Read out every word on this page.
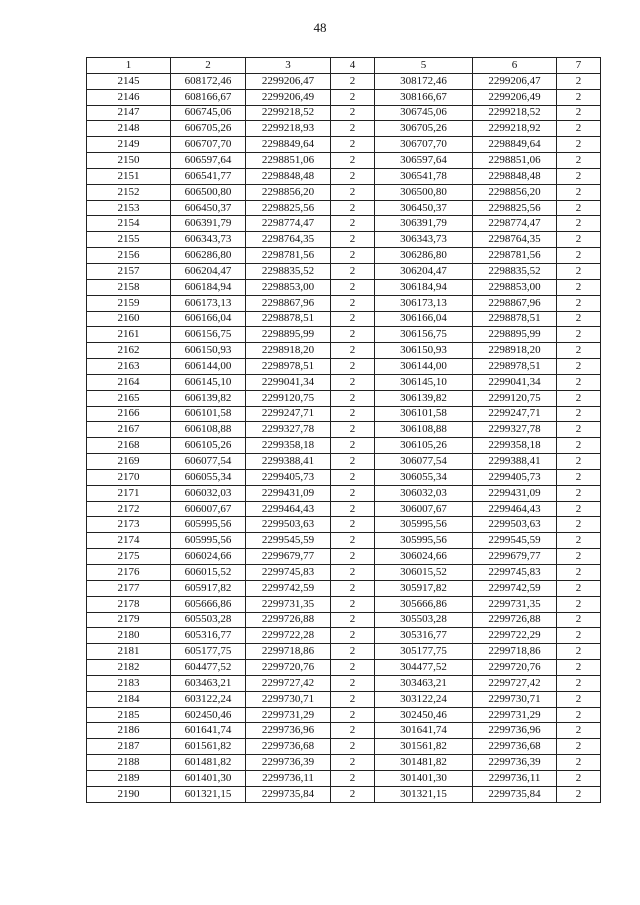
48
1	2	3	4	5	6	7
2145	608172,46	2299206,47	2	308172,46	2299206,47	2
2146	608166,67	2299206,49	2	308166,67	2299206,49	2
2147	606745,06	2299218,52	2	306745,06	2299218,52	2
2148	606705,26	2299218,93	2	306705,26	2299218,92	2
2149	606707,70	2298849,64	2	306707,70	2298849,64	2
2150	606597,64	2298851,06	2	306597,64	2298851,06	2
2151	606541,77	2298848,48	2	306541,78	2298848,48	2
2152	606500,80	2298856,20	2	306500,80	2298856,20	2
2153	606450,37	2298825,56	2	306450,37	2298825,56	2
2154	606391,79	2298774,47	2	306391,79	2298774,47	2
2155	606343,73	2298764,35	2	306343,73	2298764,35	2
2156	606286,80	2298781,56	2	306286,80	2298781,56	2
2157	606204,47	2298835,52	2	306204,47	2298835,52	2
2158	606184,94	2298853,00	2	306184,94	2298853,00	2
2159	606173,13	2298867,96	2	306173,13	2298867,96	2
2160	606166,04	2298878,51	2	306166,04	2298878,51	2
2161	606156,75	2298895,99	2	306156,75	2298895,99	2
2162	606150,93	2298918,20	2	306150,93	2298918,20	2
2163	606144,00	2298978,51	2	306144,00	2298978,51	2
2164	606145,10	2299041,34	2	306145,10	2299041,34	2
2165	606139,82	2299120,75	2	306139,82	2299120,75	2
2166	606101,58	2299247,71	2	306101,58	2299247,71	2
2167	606108,88	2299327,78	2	306108,88	2299327,78	2
2168	606105,26	2299358,18	2	306105,26	2299358,18	2
2169	606077,54	2299388,41	2	306077,54	2299388,41	2
2170	606055,34	2299405,73	2	306055,34	2299405,73	2
2171	606032,03	2299431,09	2	306032,03	2299431,09	2
2172	606007,67	2299464,43	2	306007,67	2299464,43	2
2173	605995,56	2299503,63	2	305995,56	2299503,63	2
2174	605995,56	2299545,59	2	305995,56	2299545,59	2
2175	606024,66	2299679,77	2	306024,66	2299679,77	2
2176	606015,52	2299745,83	2	306015,52	2299745,83	2
2177	605917,82	2299742,59	2	305917,82	2299742,59	2
2178	605666,86	2299731,35	2	305666,86	2299731,35	2
2179	605503,28	2299726,88	2	305503,28	2299726,88	2
2180	605316,77	2299722,28	2	305316,77	2299722,29	2
2181	605177,75	2299718,86	2	305177,75	2299718,86	2
2182	604477,52	2299720,76	2	304477,52	2299720,76	2
2183	603463,21	2299727,42	2	303463,21	2299727,42	2
2184	603122,24	2299730,71	2	303122,24	2299730,71	2
2185	602450,46	2299731,29	2	302450,46	2299731,29	2
2186	601641,74	2299736,96	2	301641,74	2299736,96	2
2187	601561,82	2299736,68	2	301561,82	2299736,68	2
2188	601481,82	2299736,39	2	301481,82	2299736,39	2
2189	601401,30	2299736,11	2	301401,30	2299736,11	2
2190	601321,15	2299735,84	2	301321,15	2299735,84	2
